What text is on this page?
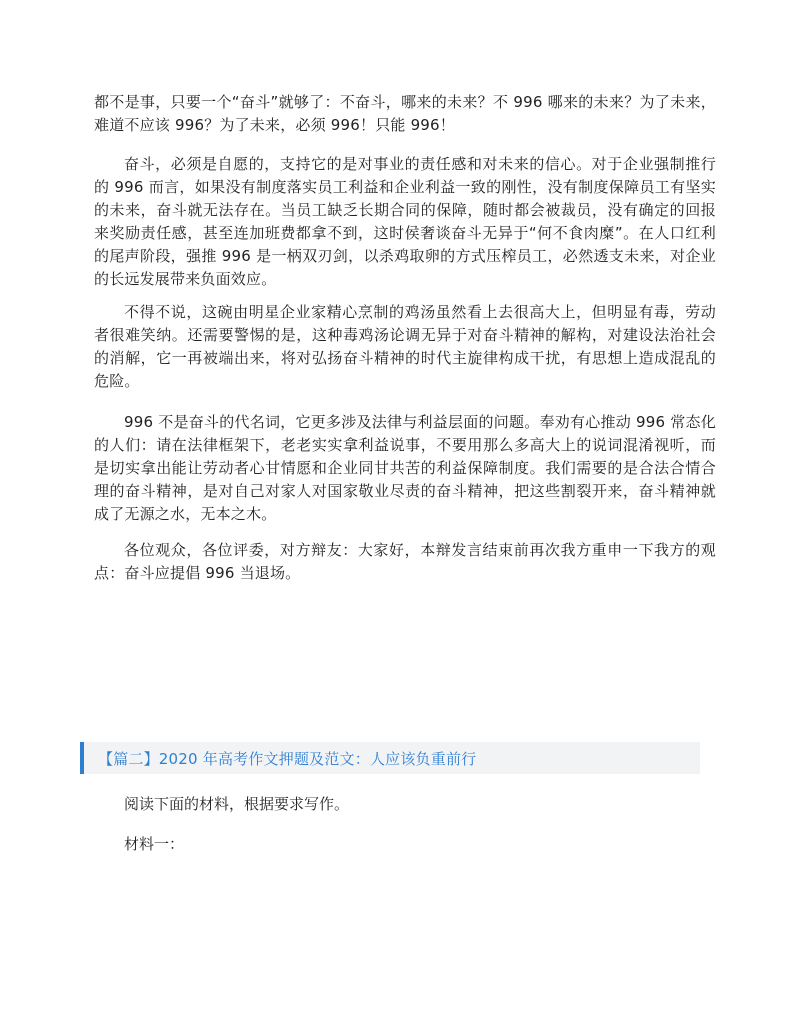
都不是事，只要一个“奋斗”就够了：不奋斗，哪来的未来？不 996 哪来的未来？为了未来，难道不应该 996？为了未来，必须 996！只能 996！

奋斗，必须是自愿的，支持它的是对事业的责任感和对未来的信心。对于企业强制推行的 996 而言，如果没有制度落实员工利益和企业利益一致的刚性，没有制度保障员工有坚实的未来，奋斗就无法存在。当员工缺乏长期合同的保障，随时都会被裁员，没有确定的回报来奖励责任感，甚至连加班费都拿不到，这时侯奢谈奋斗无异于“何不食肉糜”。在人口红利的尾声阶段，强推 996 是一柄双刃剑，以杀鸡取卵的方式压榨员工，必然透支未来，对企业的长远发展带来负面效应。

不得不说，这碗由明星企业家精心烹制的鸡汤虽然看上去很高大上，但明显有毒，劳动者很难笑纳。还需要警惕的是，这种毒鸡汤论调无异于对奋斗精神的解构，对建设法治社会的消解，它一再被端出来，将对弘扬奋斗精神的时代主旋律构成干扰，有思想上造成混乱的危险。

996 不是奋斗的代名词，它更多涉及法律与利益层面的问题。奉劝有心推动 996 常态化的人们：请在法律框架下，老老实实拿利益说事，不要用那么多高大上的说词混淆视听，而是切实拿出能让劳动者心甘情愿和企业同甘共苦的利益保障制度。我们需要的是合法合情合理的奋斗精神，是对自己对家人对国家敬业尽责的奋斗精神，把这些割裂开来，奋斗精神就成了无源之水，无本之木。

各位观众，各位评委，对方辩友：大家好，本辩发言结束前再次我方重申一下我方的观点：奋斗应提倡 996 当退场。

【篇二】2020 年高考作文押题及范文：人应该负重前行

阅读下面的材料，根据要求写作。

材料一：
